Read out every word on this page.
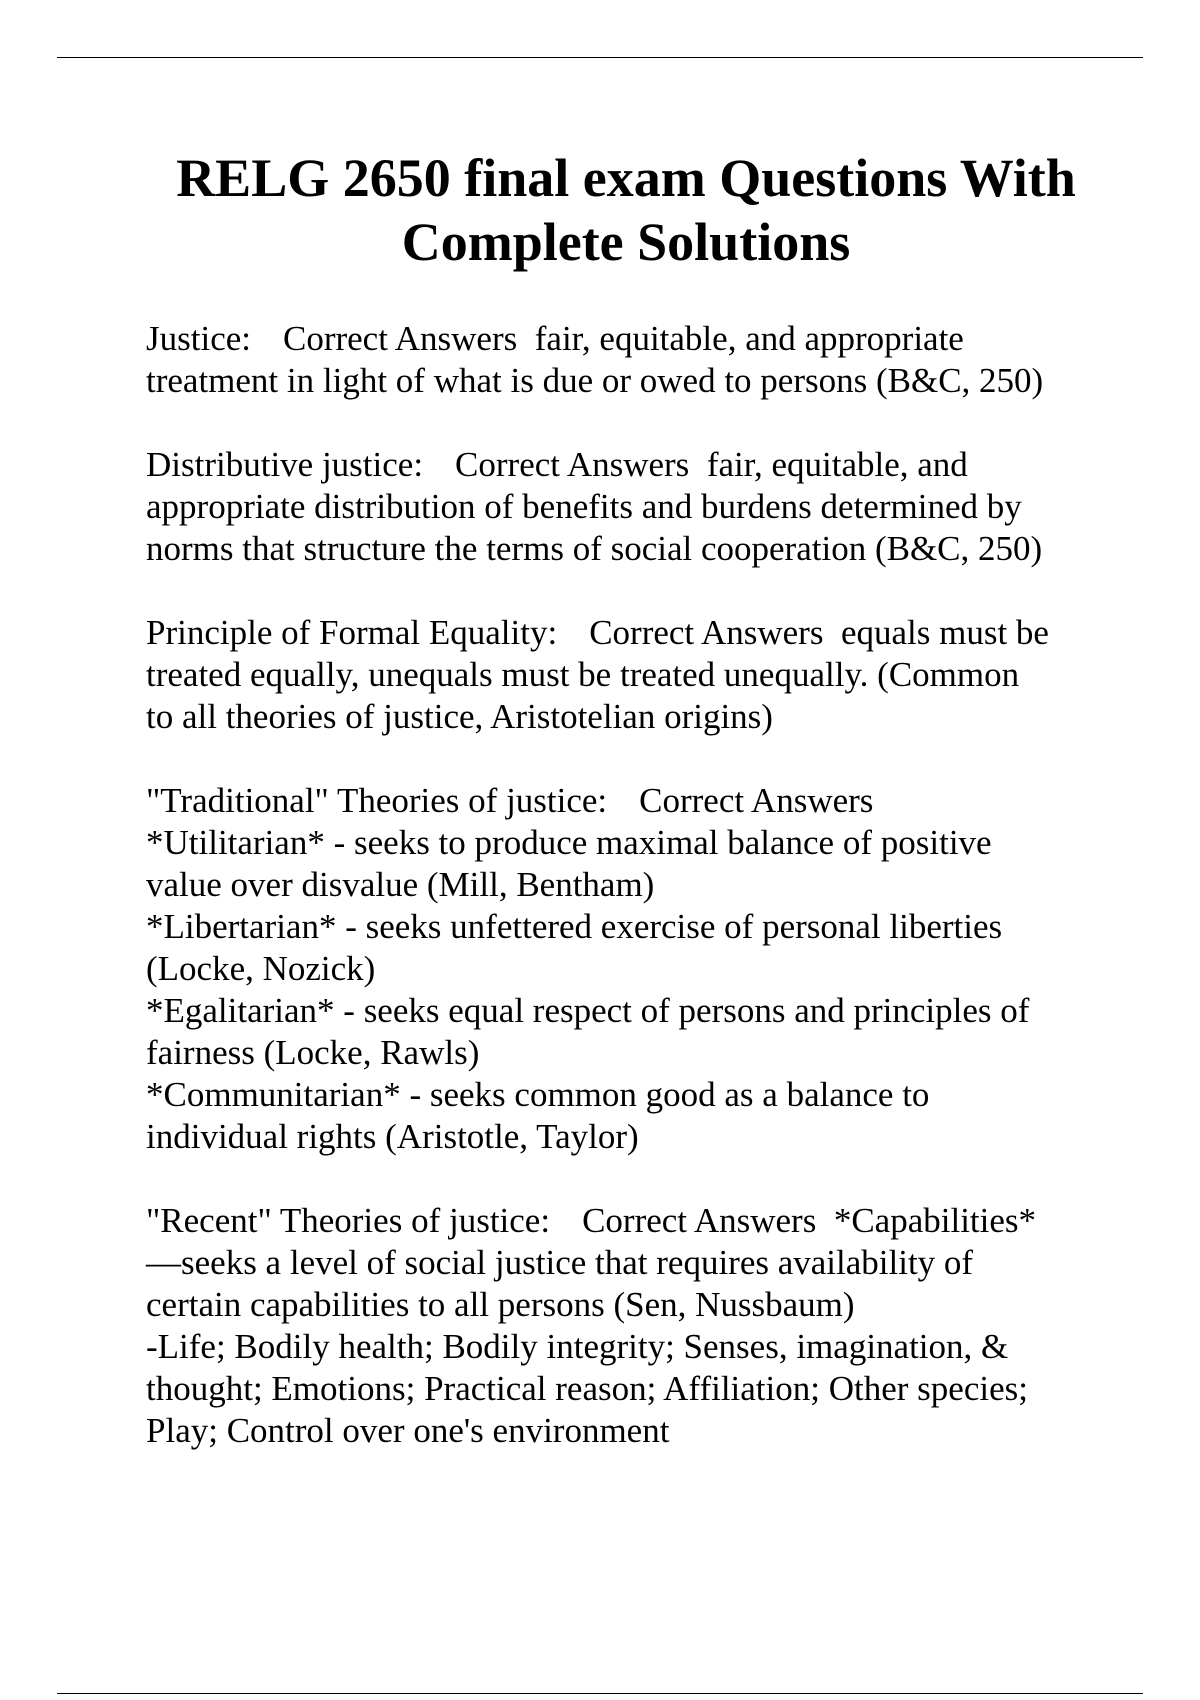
RELG 2650 final exam Questions With
Complete Solutions
Justice: Correct Answers fair, equitable, and appropriate
treatment in light of what is due or owed to persons (B&C, 250)
Distributive justice: Correct Answers fair, equitable, and
appropriate distribution of benefits and burdens determined by
norms that structure the terms of social cooperation (B&C, 250)
Principle of Formal Equality: Correct Answers equals must be
treated equally, unequals must be treated unequally. (Common
to all theories of justice, Aristotelian origins)
"Traditional" Theories of justice: Correct Answers
*Utilitarian* - seeks to produce maximal balance of positive
value over disvalue (Mill, Bentham)
*Libertarian* - seeks unfettered exercise of personal liberties
(Locke, Nozick)
*Egalitarian* - seeks equal respect of persons and principles of
fairness (Locke, Rawls)
*Communitarian* - seeks common good as a balance to
individual rights (Aristotle, Taylor)
"Recent" Theories of justice: Correct Answers *Capabilities*
—seeks a level of social justice that requires availability of
certain capabilities to all persons (Sen, Nussbaum)
-Life; Bodily health; Bodily integrity; Senses, imagination, &
thought; Emotions; Practical reason; Affiliation; Other species;
Play; Control over one's environment
